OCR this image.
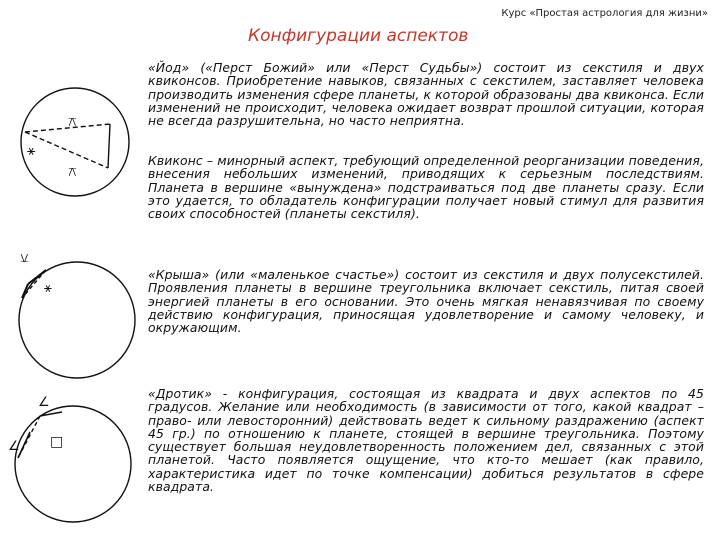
Курс «Простая астрология для жизни»
Конфигурации аспектов
«Йод» («Перст Божий» или «Перст Судьбы») состоит из секстиля и двух квиконсов. Приобретение навыков, связанных с секстилем, заставляет человека производить изменения сфере планеты, к которой образованы два квиконса. Если изменений не происходит, человека ожидает возврат прошлой ситуации, которая не всегда разрушительна, но часто неприятна.
Квиконс – минорный аспект, требующий определенной реорганизации поведения, внесения небольших изменений, приводящих к серьезным последствиям. Планета в вершине «вынуждена» подстраиваться под две планеты сразу. Если это удается, то обладатель конфигурации получает новый стимул для развития своих способностей (планеты секстиля).
⚻
⚹
⚻
«Крыша» (или «маленькое счастье») состоит из секстиля и двух полусекстилей. Проявления планеты в вершине треугольника включает секстиль, питая своей энергией планеты в его основании. Это очень мягкая ненавязчивая по своему действию конфигурация, приносящая удовлетворение и самому человеку, и окружающим.
⚺
⚹
«Дротик» - конфигурация, состоящая из квадрата и двух аспектов по 45 градусов. Желание или необходимость (в зависимости от того, какой квадрат – право- или левосторонний) действовать ведет к сильному раздражению (аспект 45 гр.) по отношению к планете, стоящей в вершине треугольника. Поэтому существует большая неудовлетворенность положением дел, связанных с этой планетой. Часто появляется ощущение, что кто-то мешает (как правило, характеристика идет по точке компенсации) добиться результатов в сфере квадрата.
∠
∠ □
